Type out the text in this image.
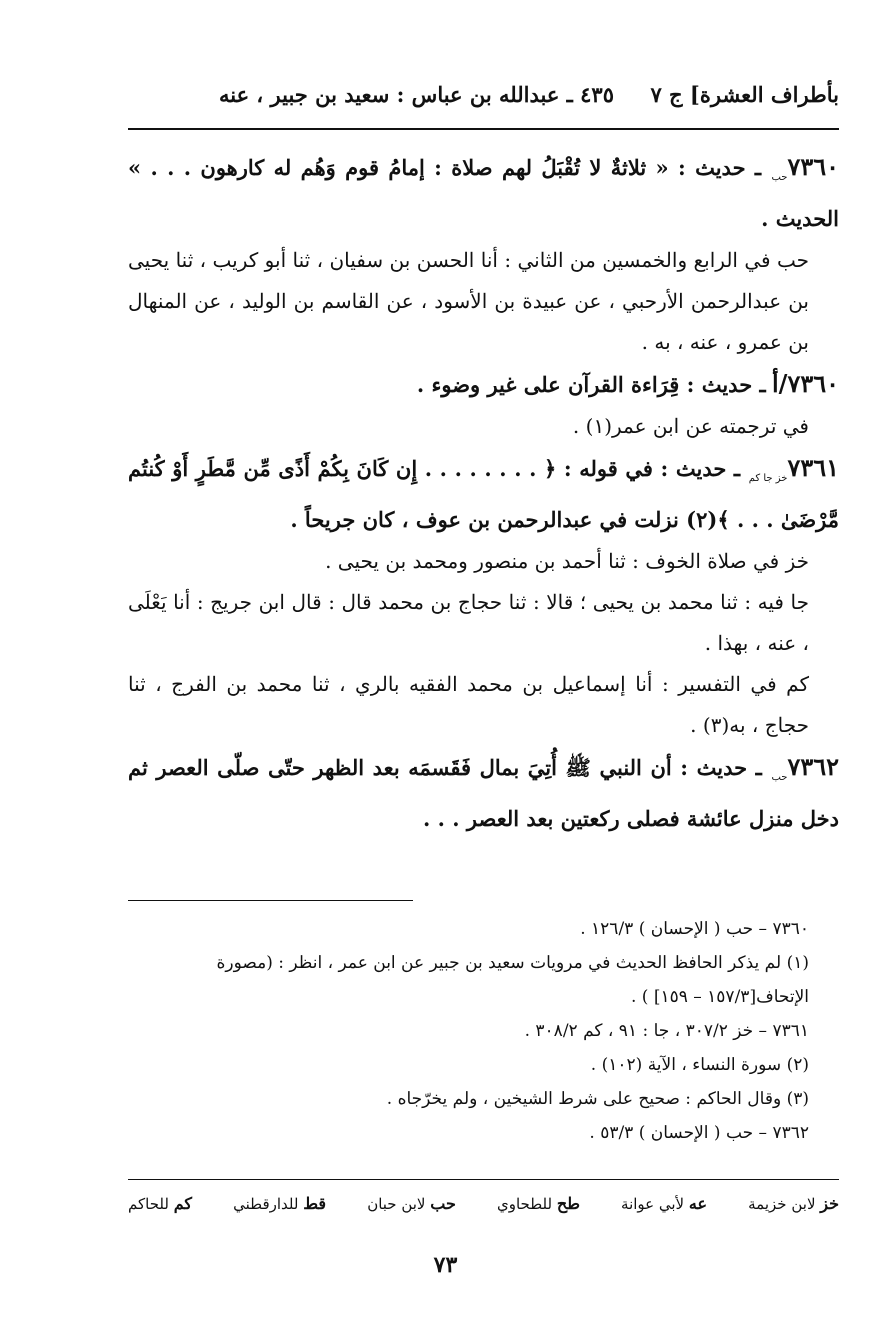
بأطراف العشرة] ج ٧
٤٣٥ ـ عبدالله بن عباس : سعيد بن جبير ، عنه

٧٣٦٠حب ـ حديث : « ثلاثةٌ لا تُقْبَلُ لهم صلاة : إمامُ قوم وَهُم له كارهون . . . » الحديث .

حب في الرابع والخمسين من الثاني : أنا الحسن بن سفيان ، ثنا أبو كريب ، ثنا يحيى بن عبدالرحمن الأرحبي ، عن عبيدة بن الأسود ، عن القاسم بن الوليد ، عن المنهال بن عمرو ، عنه ، به .

٧٣٦٠/أ ـ حديث : قِرَاءة القرآن على غير وضوء .

في ترجمته عن ابن عمر(١) .

٧٣٦١خز جا كم ـ حديث : في قوله : ﴿ . . . . . . . . إِن كَانَ بِكُمْ أَذًى مِّن مَّطَرٍ أَوْ كُنتُم مَّرْضَىٰ . . . ﴾(٢) نزلت في عبدالرحمن بن عوف ، كان جريحاً .

خز في صلاة الخوف : ثنا أحمد بن منصور ومحمد بن يحيى .

جا فيه : ثنا محمد بن يحيى ؛ قالا : ثنا حجاج بن محمد قال : قال ابن جريج : أنا يَعْلَى ، عنه ، بهذا .

كم في التفسير : أنا إسماعيل بن محمد الفقيه بالري ، ثنا محمد بن الفرج ، ثنا حجاج ، به(٣) .

٧٣٦٢حب ـ حديث : أن النبي ﷺ أُتِيَ بمال فَقَسمَه بعد الظهر حتّى صلّى العصر ثم دخل منزل عائشة فصلى ركعتين بعد العصر . . .

٧٣٦٠ – حب ( الإحسان ) ١٢٦/٣ .

(١) لم يذكر الحافظ الحديث في مرويات سعيد بن جبير عن ابن عمر ، انظر : (مصورة الإتحاف[١٥٧/٣ – ١٥٩] ) .

٧٣٦١ – خز ٣٠٧/٢ ، جا : ٩١ ، كم ٣٠٨/٢ .

(٢) سورة النساء ، الآية (١٠٢) .

(٣) وقال الحاكم : صحيح على شرط الشيخين ، ولم يخرّجاه .

٧٣٦٢ – حب ( الإحسان ) ٥٣/٣ .

خز لابن خزيمة
عه لأبي عوانة
طح للطحاوي
حب لابن حبان
قط للدارقطني
كم للحاكم
٧٣
